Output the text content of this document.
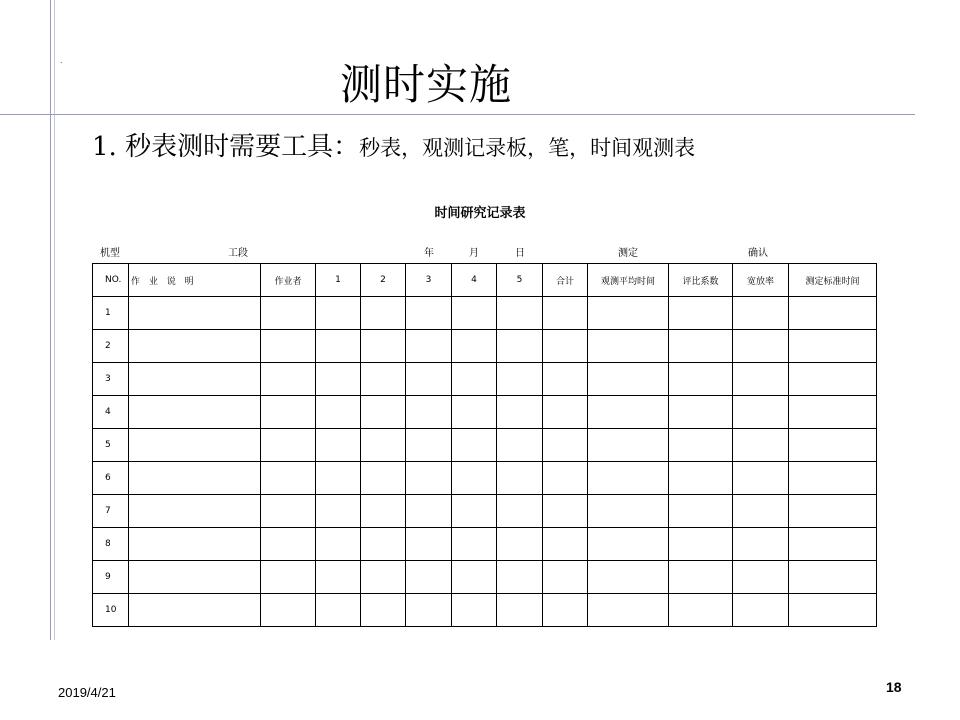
.	测时实施
1. 秒表测时需要工具：秒表，观测记录板，笔，时间观测表
时间研究记录表
机型	工段	年	月	日	测定	确认
NO.	作 业 说 明	作业者	1	2	3	4	5	合计	观测平均时间	评比系数	宽放率	测定标准时间
1												
2												
3												
4												
5												
6												
7												
8												
9												
10												
2019/4/21	18
